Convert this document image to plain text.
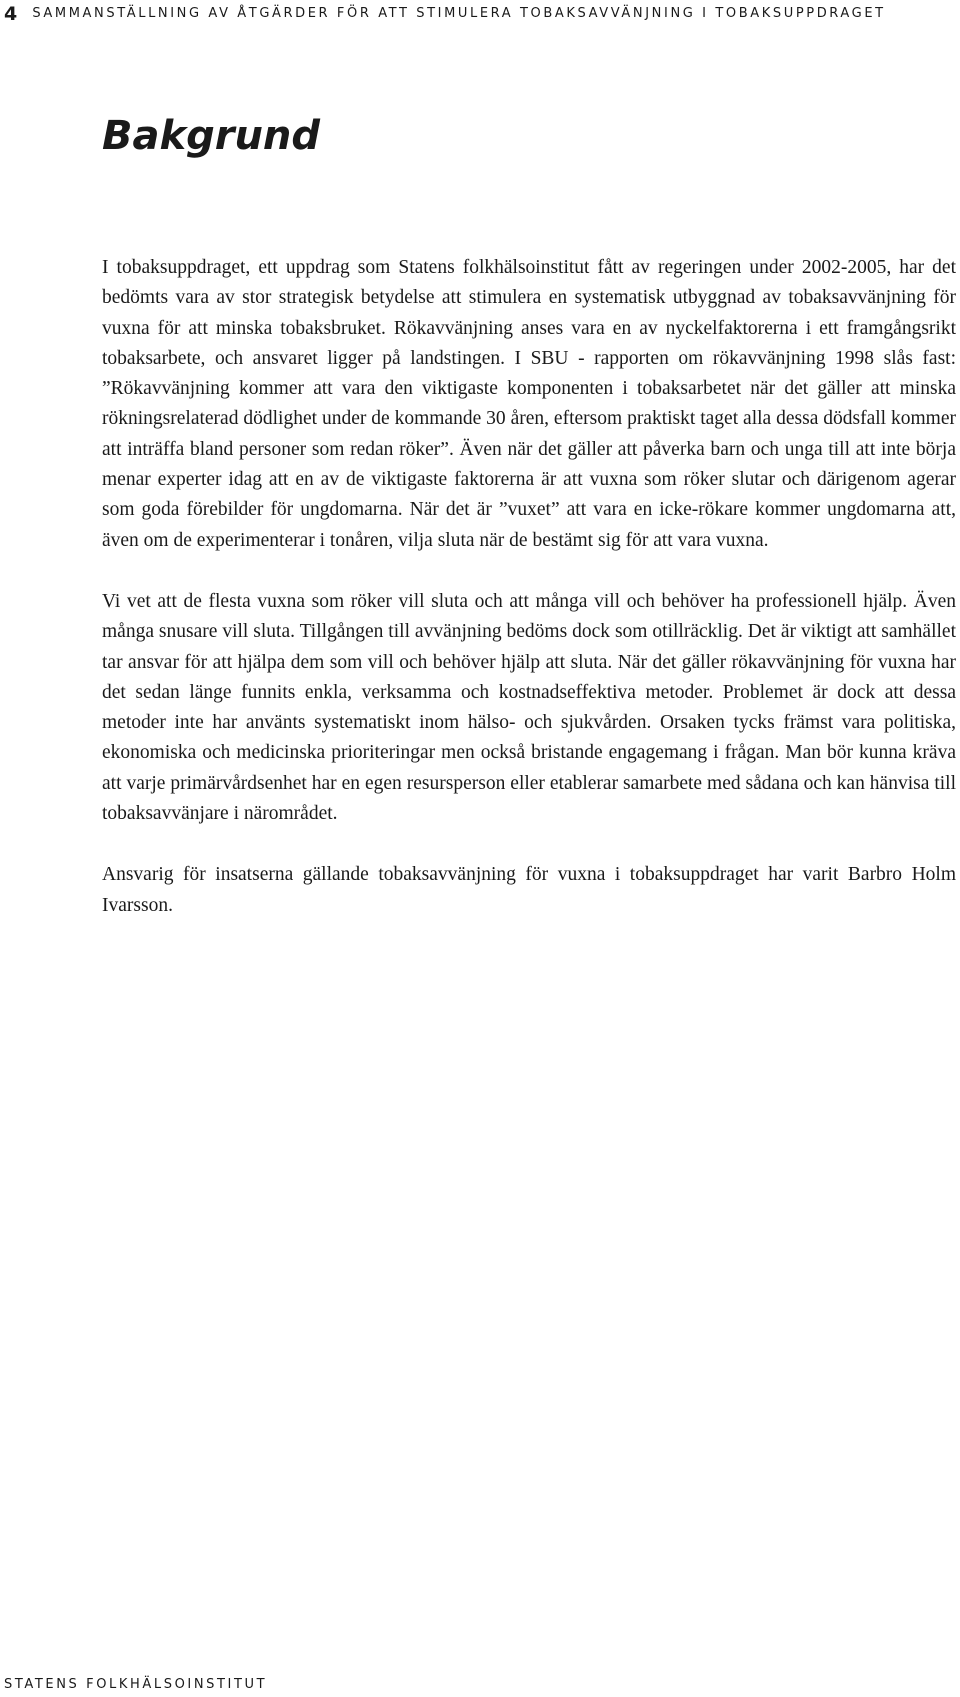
4 SAMMANSTÄLLNING AV ÅTGÄRDER FÖR ATT STIMULERA TOBAKSAVVÄNJNING I TOBAKSUPPDRAGET
Bakgrund

I tobaksuppdraget, ett uppdrag som Statens folkhälsoinstitut fått av regeringen under 2002-2005, har det bedömts vara av stor strategisk betydelse att stimulera en systematisk utbyggnad av tobaksavvänjning för vuxna för att minska tobaksbruket. Rökavvänjning anses vara en av nyckelfaktorerna i ett framgångsrikt tobaksarbete, och ansvaret ligger på landstingen. I SBU - rapporten om rökavvänjning 1998 slås fast: ”Rökavvänjning kommer att vara den viktigaste komponenten i tobaksarbetet när det gäller att minska rökningsrelaterad dödlighet under de kommande 30 åren, eftersom praktiskt taget alla dessa dödsfall kommer att inträffa bland personer som redan röker”. Även när det gäller att påverka barn och unga till att inte börja menar experter idag att en av de viktigaste faktorerna är att vuxna som röker slutar och därigenom agerar som goda förebilder för ungdomarna. När det är ”vuxet” att vara en icke-rökare kommer ungdomarna att, även om de experimenterar i tonåren, vilja sluta när de bestämt sig för att vara vuxna.

Vi vet att de flesta vuxna som röker vill sluta och att många vill och behöver ha professionell hjälp. Även många snusare vill sluta. Tillgången till avvänjning bedöms dock som otillräcklig. Det är viktigt att samhället tar ansvar för att hjälpa dem som vill och behöver hjälp att sluta. När det gäller rökavvänjning för vuxna har det sedan länge funnits enkla, verksamma och kostnadseffektiva metoder. Problemet är dock att dessa metoder inte har använts systematiskt inom hälso- och sjukvården. Orsaken tycks främst vara politiska, ekonomiska och medicinska prioriteringar men också bristande engagemang i frågan. Man bör kunna kräva att varje primärvårdsenhet har en egen resursperson eller etablerar samarbete med sådana och kan hänvisa till tobaksavvänjare i närområdet.

Ansvarig för insatserna gällande tobaksavvänjning för vuxna i tobaksuppdraget har varit Barbro Holm Ivarsson.

STATENS FOLKHÄLSOINSTITUT
